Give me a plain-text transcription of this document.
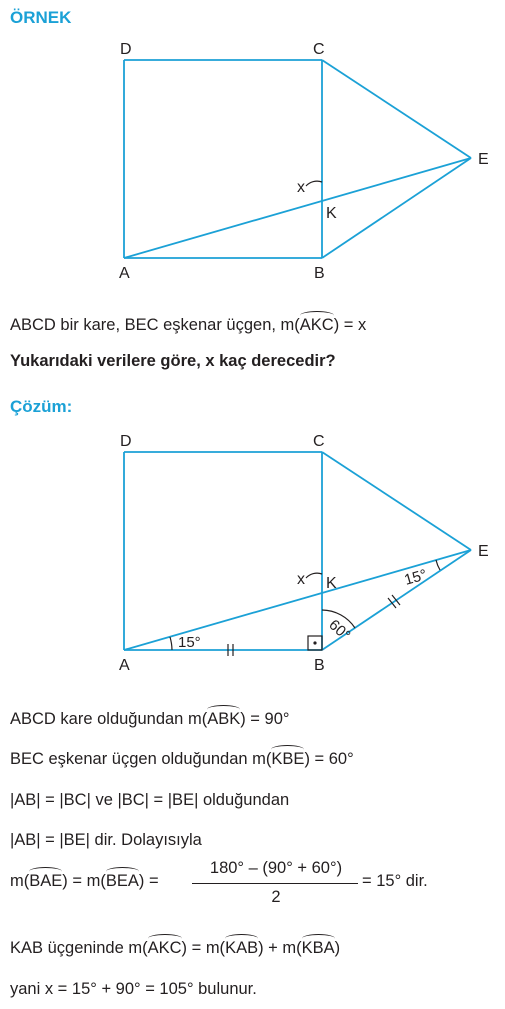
ÖRNEK
D	C
E
x
K
A	B
ABCD bir kare, BEC eşkenar üçgen, m(AKC) = x
Yukarıdaki verilere göre, x kaç derecedir?
Çözüm:
D	C
E
x K
A	B
15°
15°
60°
ABCD kare olduğundan m(ABK) = 90°
BEC eşkenar üçgen olduğundan m(KBE) = 60°
|AB| = |BC| ve |BC| = |BE| olduğundan
|AB| = |BE| dir. Dolayısıyla
m(BAE) = m(BEA) =
180° – (90° + 60°)
2
= 15° dir.
KAB üçgeninde m(AKC) = m(KAB) + m(KBA)
yani x = 15° + 90° = 105° bulunur.
